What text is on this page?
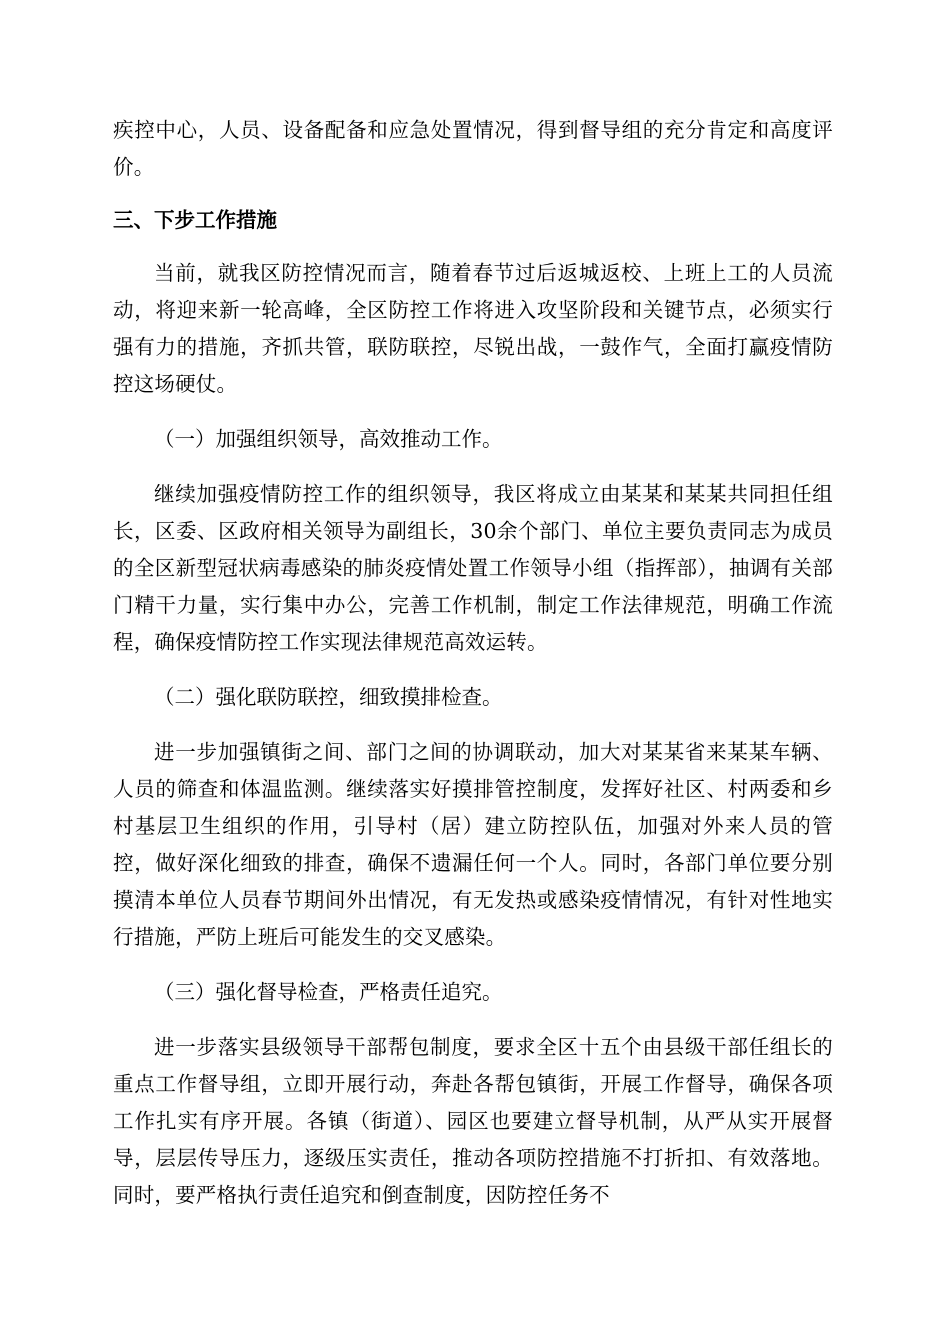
疾控中心，人员、设备配备和应急处置情况，得到督导组的充分肯定和高度评价。

三、下步工作措施

当前，就我区防控情况而言，随着春节过后返城返校、上班上工的人员流动，将迎来新一轮高峰，全区防控工作将进入攻坚阶段和关键节点，必须实行强有力的措施，齐抓共管，联防联控，尽锐出战，一鼓作气，全面打赢疫情防控这场硬仗。

（一）加强组织领导，高效推动工作。

继续加强疫情防控工作的组织领导，我区将成立由某某和某某共同担任组长，区委、区政府相关领导为副组长，30余个部门、单位主要负责同志为成员的全区新型冠状病毒感染的肺炎疫情处置工作领导小组（指挥部），抽调有关部门精干力量，实行集中办公，完善工作机制，制定工作法律规范，明确工作流程，确保疫情防控工作实现法律规范高效运转。

（二）强化联防联控，细致摸排检查。

进一步加强镇街之间、部门之间的协调联动，加大对某某省来某某车辆、人员的筛查和体温监测。继续落实好摸排管控制度，发挥好社区、村两委和乡村基层卫生组织的作用，引导村（居）建立防控队伍，加强对外来人员的管控，做好深化细致的排查，确保不遗漏任何一个人。同时，各部门单位要分别摸清本单位人员春节期间外出情况，有无发热或感染疫情情况，有针对性地实行措施，严防上班后可能发生的交叉感染。

（三）强化督导检查，严格责任追究。

进一步落实县级领导干部帮包制度，要求全区十五个由县级干部任组长的重点工作督导组，立即开展行动，奔赴各帮包镇街，开展工作督导，确保各项工作扎实有序开展。各镇（街道）、园区也要建立督导机制，从严从实开展督导，层层传导压力，逐级压实责任，推动各项防控措施不打折扣、有效落地。同时，要严格执行责任追究和倒查制度，因防控任务不
